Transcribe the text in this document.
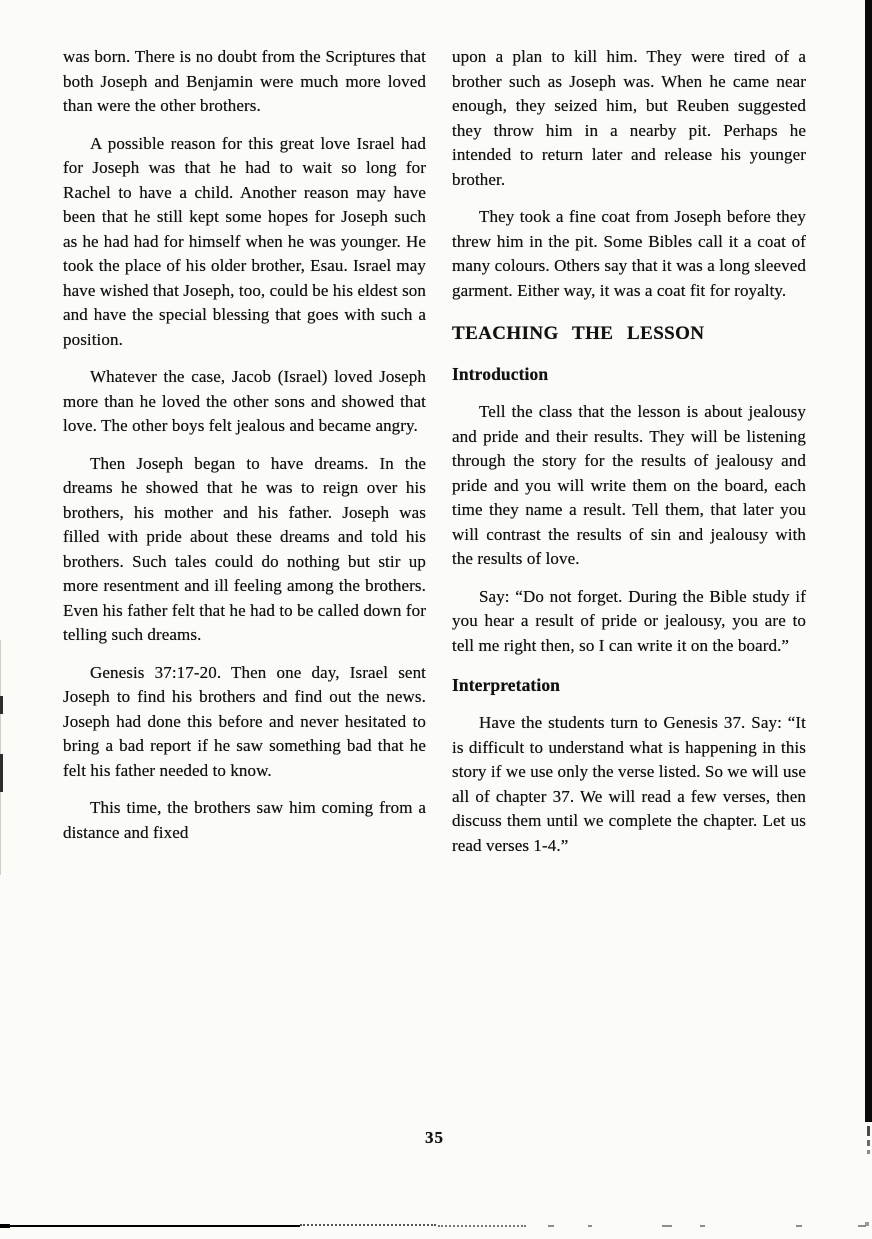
was born. There is no doubt from the Scriptures that both Joseph and Benjamin were much more loved than were the other brothers.

A possible reason for this great love Israel had for Joseph was that he had to wait so long for Rachel to have a child. Another reason may have been that he still kept some hopes for Joseph such as he had had for himself when he was younger. He took the place of his older brother, Esau. Israel may have wished that Joseph, too, could be his eldest son and have the special blessing that goes with such a position.

Whatever the case, Jacob (Israel) loved Joseph more than he loved the other sons and showed that love. The other boys felt jealous and became angry.

Then Joseph began to have dreams. In the dreams he showed that he was to reign over his brothers, his mother and his father. Joseph was filled with pride about these dreams and told his brothers. Such tales could do nothing but stir up more resentment and ill feeling among the brothers. Even his father felt that he had to be called down for telling such dreams.

Genesis 37:17-20. Then one day, Israel sent Joseph to find his brothers and find out the news. Joseph had done this before and never hesitated to bring a bad report if he saw something bad that he felt his father needed to know.

This time, the brothers saw him coming from a distance and fixed

upon a plan to kill him. They were tired of a brother such as Joseph was. When he came near enough, they seized him, but Reuben suggested they throw him in a nearby pit. Perhaps he intended to return later and release his younger brother.

They took a fine coat from Joseph before they threw him in the pit. Some Bibles call it a coat of many colours. Others say that it was a long sleeved garment. Either way, it was a coat fit for royalty.

TEACHING THE LESSON
Introduction

Tell the class that the lesson is about jealousy and pride and their results. They will be listening through the story for the results of jealousy and pride and you will write them on the board, each time they name a result. Tell them, that later you will contrast the results of sin and jealousy with the results of love.

Say: “Do not forget. During the Bible study if you hear a result of pride or jealousy, you are to tell me right then, so I can write it on the board.”

Interpretation

Have the students turn to Genesis 37. Say: “It is difficult to understand what is happening in this story if we use only the verse listed. So we will use all of chapter 37. We will read a few verses, then discuss them until we complete the chapter. Let us read verses 1-4.”

35
